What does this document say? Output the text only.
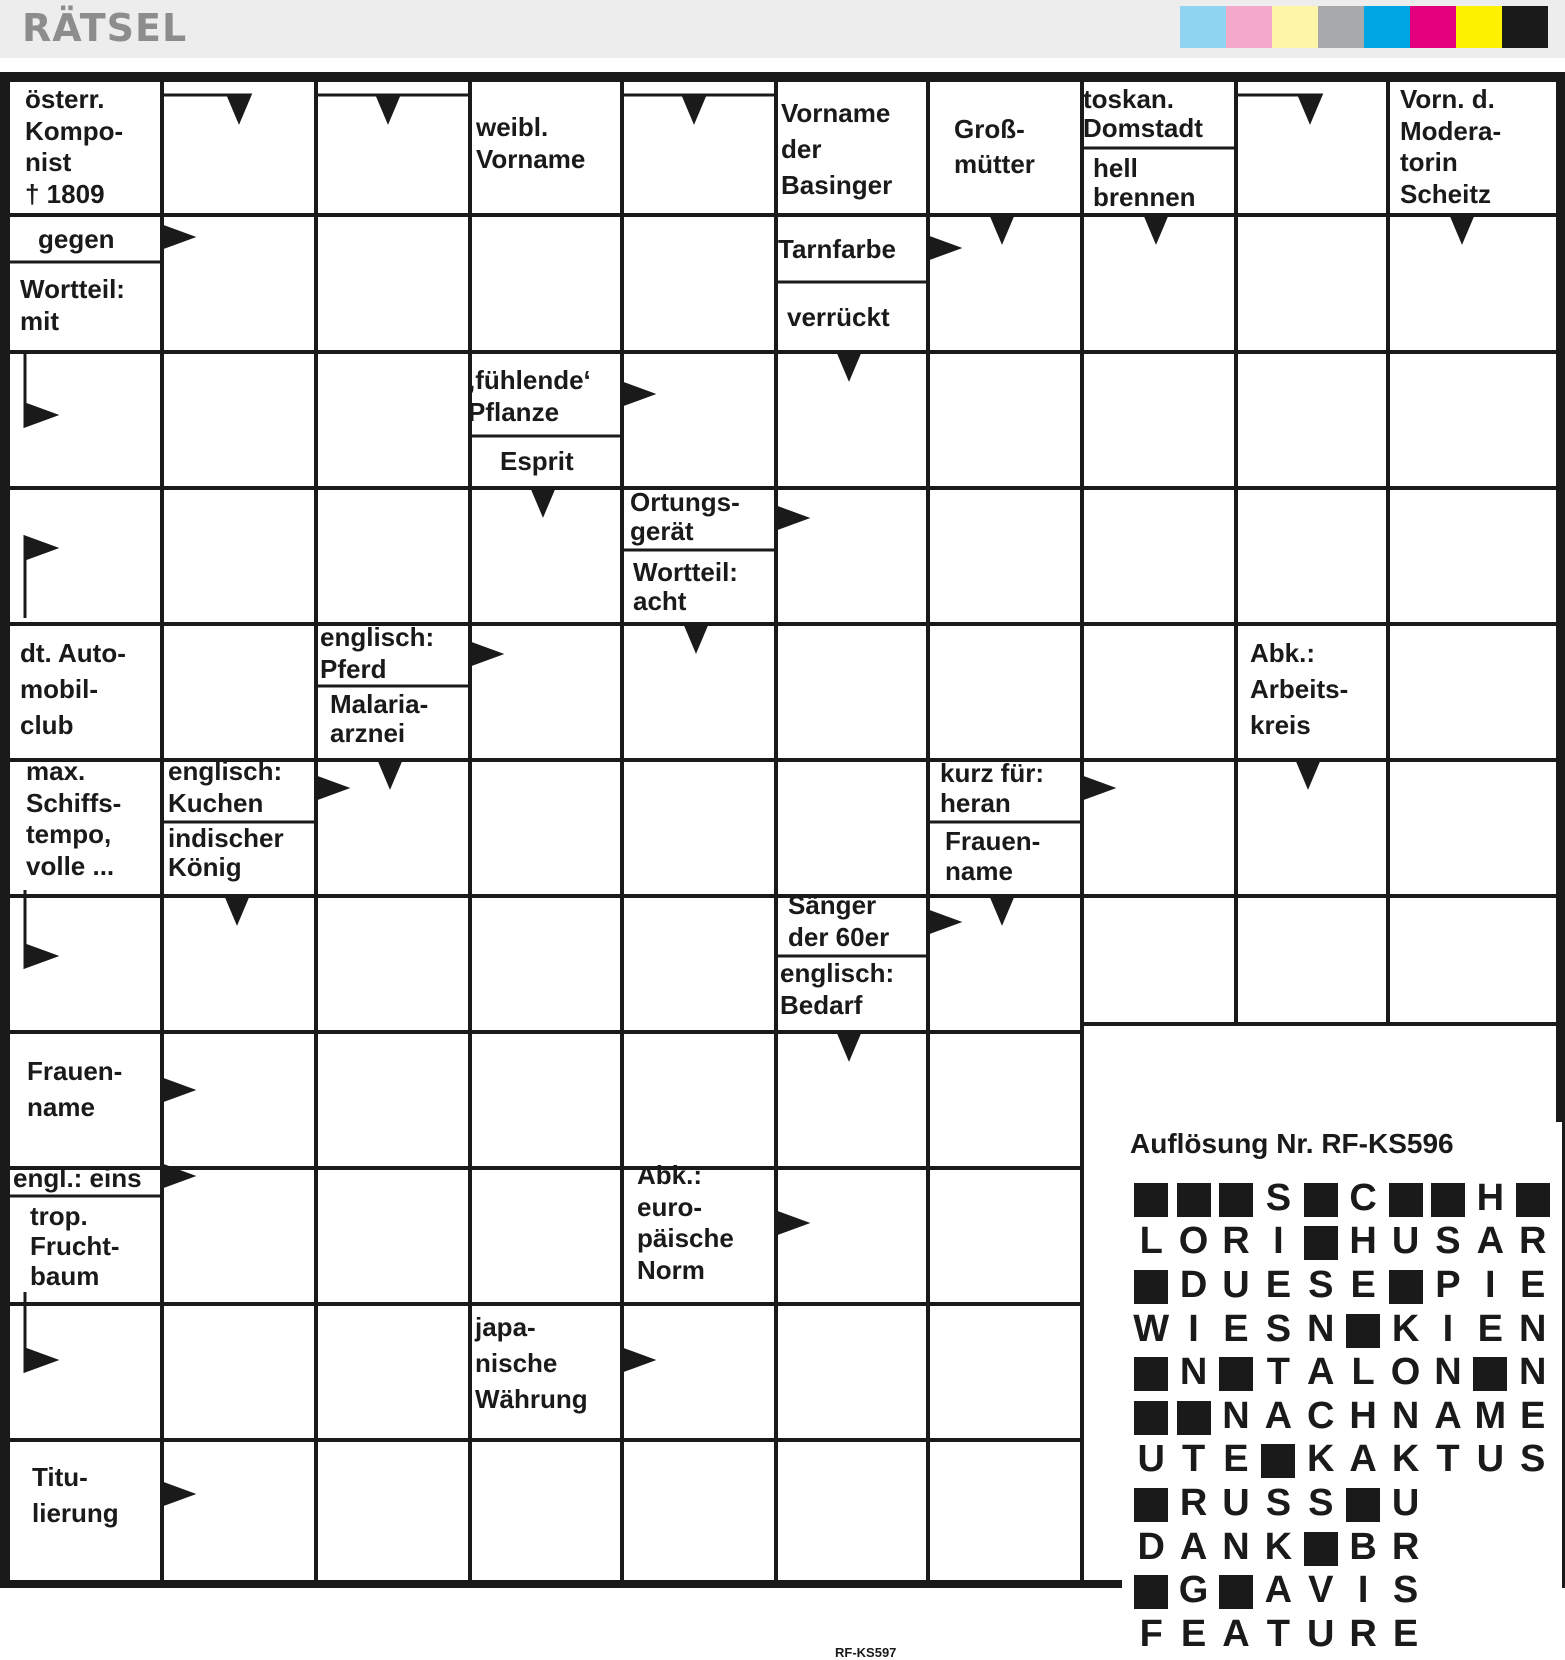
RÄTSEL
österr.
Kompo-
nist
† 1809
weibl.
Vorname
Vorname
der
Basinger
Groß-
mütter
toskan.
Domstadt
hell
brennen
Vorn. d.
Modera-
torin
Scheitz
gegen
Wortteil:
mit
Tarnfarbe
verrückt
‚fühlende‘
Pflanze
Esprit
Ortungs-
gerät
Wortteil:
acht
dt. Auto-
mobil-
club
englisch:
Pferd
Malaria-
arznei
Abk.:
Arbeits-
kreis
max.
Schiffs-
tempo,
volle ...
englisch:
Kuchen
indischer
König
kurz für:
heran
Frauen-
name
Sänger
der 60er
englisch:
Bedarf
Frauen-
name
engl.: eins
trop.
Frucht-
baum
Abk.:
euro-
päische
Norm
japa-
nische
Währung
Titu-
lierung
Auflösung Nr. RF-KS596
S C	H
L O R I	H U S A R
D U E S E P I E
W I E S N K I E N
N T A L O N N
N A C H N A M E
U T E K A K T U S
R U S S U
D A N K B R
G A V I S
F E A T U R E
RF-KS597
